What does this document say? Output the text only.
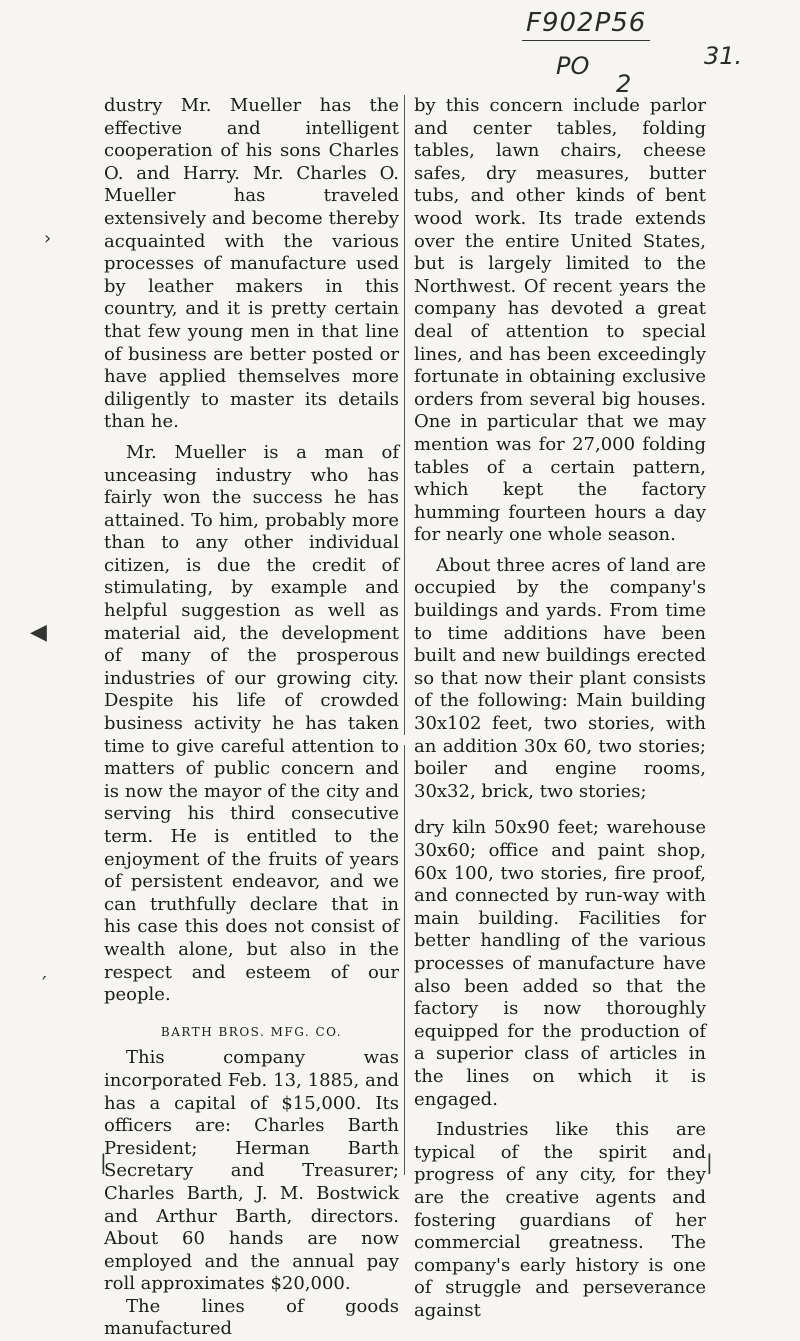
F902P56
PO
2
31.
›
◀
′
|	|

dustry Mr. Mueller has the effective and intelligent cooperation of his sons Charles O. and Harry. Mr. Charles O. Mueller has traveled extensively and become thereby acquainted with the various processes of manufacture used by leather makers in this country, and it is pretty certain that few young men in that line of business are better posted or have applied themselves more diligently to master its details than he.

Mr. Mueller is a man of unceasing industry who has fairly won the success he has attained. To him, probably more than to any other individual citizen, is due the credit of stimulating, by example and helpful suggestion as well as material aid, the development of many of the prosperous industries of our growing city. Despite his life of crowded business activity he has taken time to give careful attention to matters of public concern and is now the mayor of the city and serving his third consecutive term. He is entitled to the enjoyment of the fruits of years of persistent endeavor, and we can truthfully declare that in his case this does not consist of wealth alone, but also in the respect and esteem of our people.

BARTH BROS. MFG. CO.

This company was incorporated Feb. 13, 1885, and has a capital of $15,000. Its officers are: Charles Barth President; Herman Barth Secretary and Treasurer; Charles Barth, J. M. Bostwick and Arthur Barth, directors. About 60 hands are now employed and the annual pay roll approximates $20,000.

The lines of goods manufactured

by this concern include parlor and center tables, folding tables, lawn chairs, cheese safes, dry measures, butter tubs, and other kinds of bent wood work. Its trade extends over the entire United States, but is largely limited to the Northwest. Of recent years the company has devoted a great deal of attention to special lines, and has been exceedingly fortunate in obtaining exclusive orders from several big houses. One in particular that we may mention was for 27,000 folding tables of a certain pattern, which kept the factory humming fourteen hours a day for nearly one whole season.

About three acres of land are occupied by the company's buildings and yards. From time to time additions have been built and new buildings erected so that now their plant consists of the following: Main building 30x102 feet, two stories, with an addition 30x 60, two stories; boiler and engine rooms, 30x32, brick, two stories;

dry kiln 50x90 feet; warehouse 30x60; office and paint shop, 60x 100, two stories, fire proof, and connected by run-way with main building. Facilities for better handling of the various processes of manufacture have also been added so that the factory is now thoroughly equipped for the production of a superior class of articles in the lines on which it is engaged.

Industries like this are typical of the spirit and progress of any city, for they are the creative agents and fostering guardians of her commercial greatness. The company's early history is one of struggle and perseverance against
